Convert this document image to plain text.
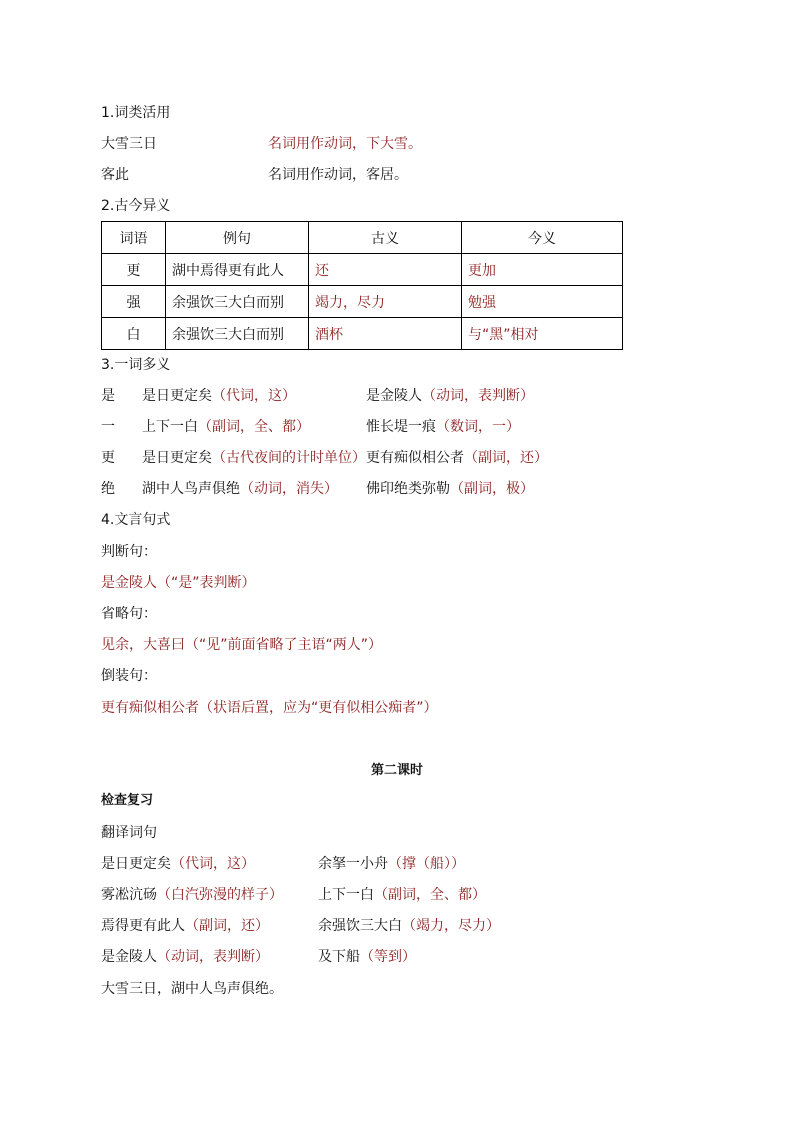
1.词类活用
大雪三日	名词用作动词，下大雪。
客此	名词用作动词，客居。
2.古今异义
词语	例句	古义	今义
更	湖中焉得更有此人	还	更加
强	余强饮三大白而别	竭力，尽力	勉强
白	余强饮三大白而别	酒杯	与“黑”相对
3.一词多义
是 是日更定矣（代词，这）	是金陵人（动词，表判断）
一 上下一白（副词，全、都）	惟长堤一痕（数词，一）
更 是日更定矣（古代夜间的计时单位） 更有痴似相公者（副词，还）
绝 湖中人鸟声俱绝（动词，消失） 佛印绝类弥勒（副词，极）
4.文言句式
判断句：
是金陵人（“是”表判断）
省略句：
见余，大喜曰（“见”前面省略了主语“两人”）
倒装句：
更有痴似相公者（状语后置，应为“更有似相公痴者”）
第二课时
检查复习
翻译词句
是日更定矣（代词，这）	余拏一小舟（撑（船））
雾凇沆砀（白汽弥漫的样子）	上下一白（副词，全、都）
焉得更有此人（副词，还）	余强饮三大白（竭力，尽力）
是金陵人（动词，表判断）	及下船（等到）
大雪三日，湖中人鸟声俱绝。
